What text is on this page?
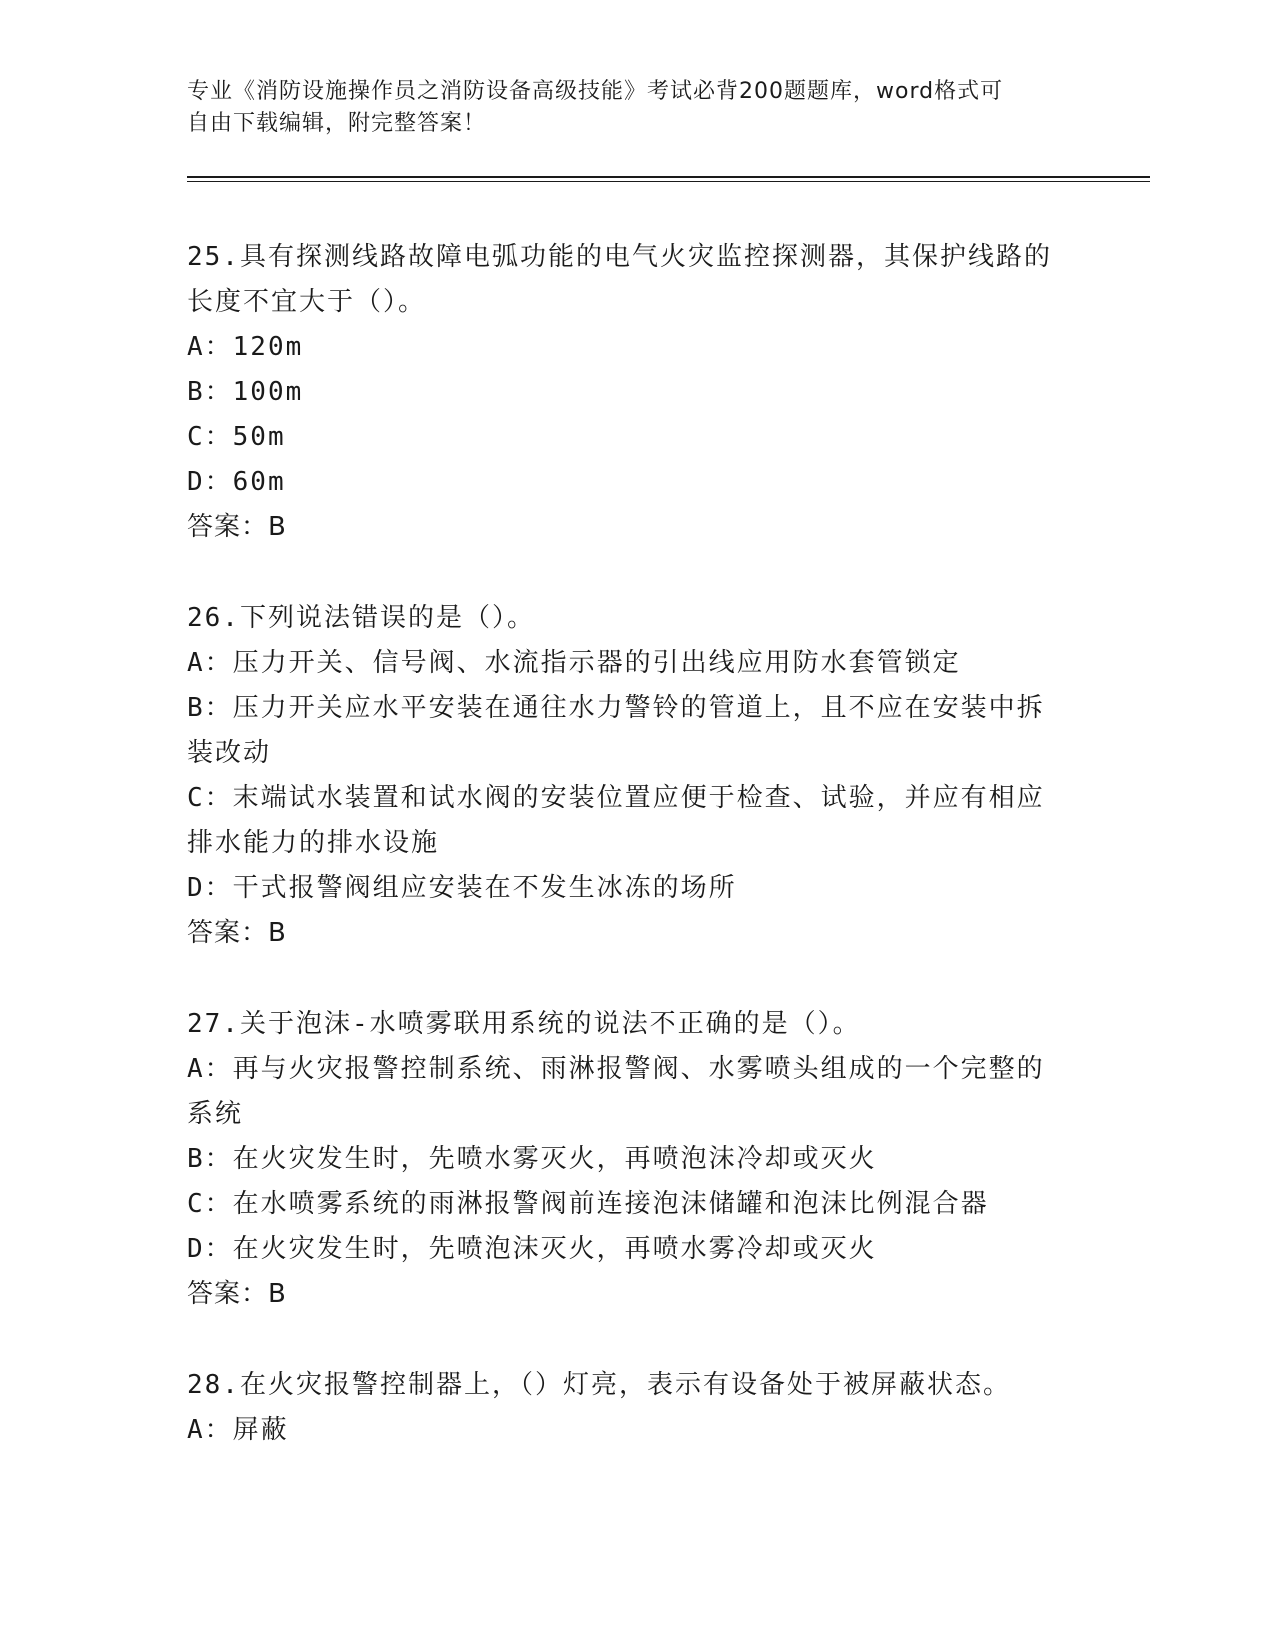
专业《消防设施操作员之消防设备高级技能》考试必背200题题库，word格式可
自由下载编辑，附完整答案！
25.具有探测线路故障电弧功能的电气火灾监控探测器，其保护线路的
长度不宜大于（）。
A：120m
B：100m
C：50m
D：60m
答案：B
26.下列说法错误的是（）。
A：压力开关、信号阀、水流指示器的引出线应用防水套管锁定
B：压力开关应水平安装在通往水力警铃的管道上，且不应在安装中拆
装改动
C：末端试水装置和试水阀的安装位置应便于检查、试验，并应有相应
排水能力的排水设施
D：干式报警阀组应安装在不发生冰冻的场所
答案：B
27.关于泡沫-水喷雾联用系统的说法不正确的是（）。
A：再与火灾报警控制系统、雨淋报警阀、水雾喷头组成的一个完整的
系统
B：在火灾发生时，先喷水雾灭火，再喷泡沫冷却或灭火
C：在水喷雾系统的雨淋报警阀前连接泡沫储罐和泡沫比例混合器
D：在火灾发生时，先喷泡沫灭火，再喷水雾冷却或灭火
答案：B
28.在火灾报警控制器上，（）灯亮，表示有设备处于被屏蔽状态。
A：屏蔽
